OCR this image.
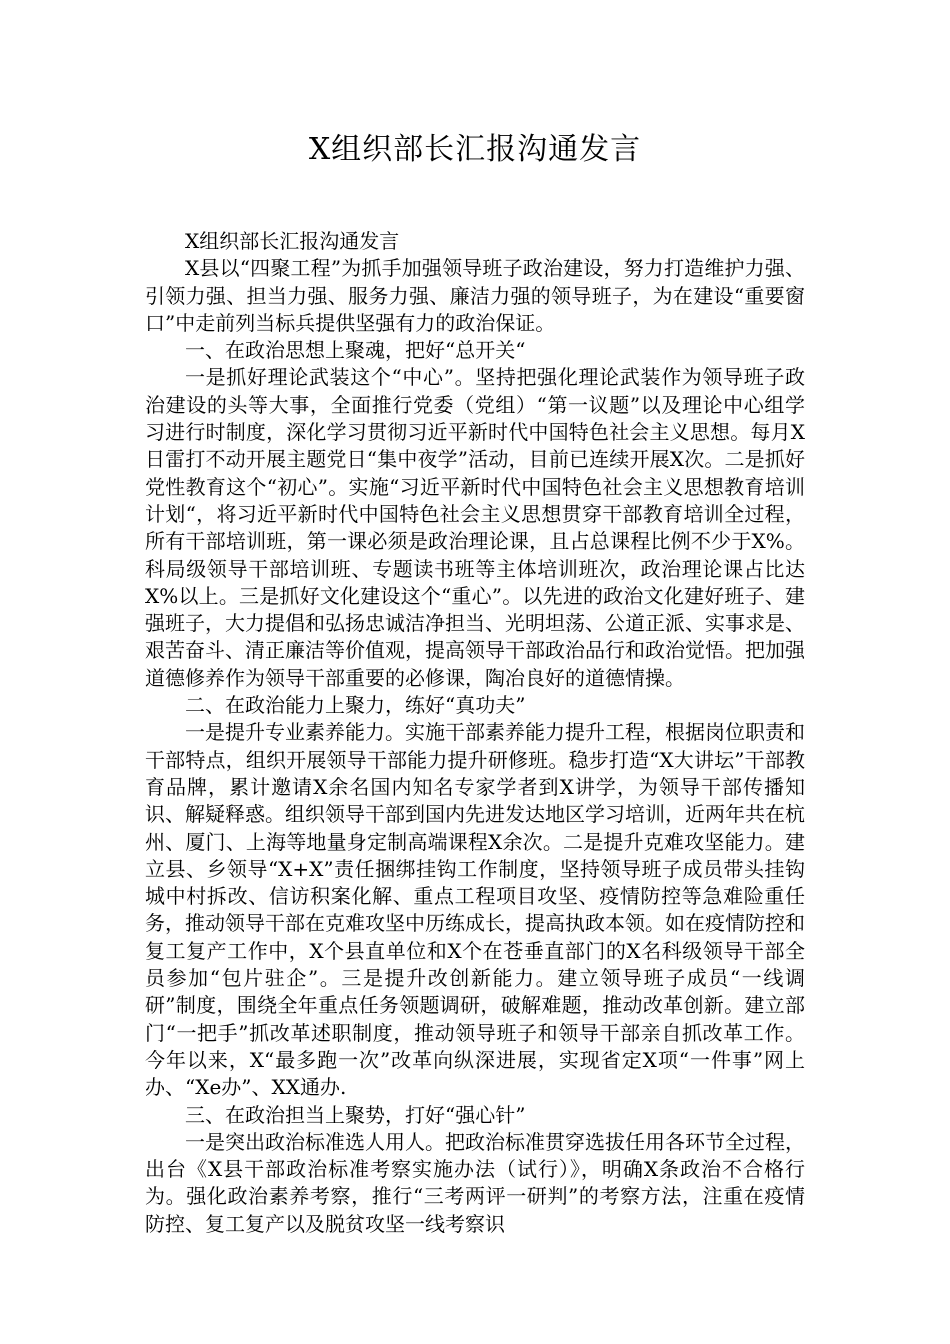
X组织部长汇报沟通发言

X组织部长汇报沟通发言

X县以“四聚工程”为抓手加强领导班子政治建设，努力打造维护力强、引领力强、担当力强、服务力强、廉洁力强的领导班子，为在建设“重要窗口”中走前列当标兵提供坚强有力的政治保证。

一、在政治思想上聚魂，把好“总开关“

一是抓好理论武装这个“中心”。坚持把强化理论武装作为领导班子政治建设的头等大事，全面推行党委（党组）“第一议题”以及理论中心组学习进行时制度，深化学习贯彻习近平新时代中国特色社会主义思想。每月X日雷打不动开展主题党日“集中夜学”活动，目前已连续开展X次。二是抓好党性教育这个“初心”。实施“习近平新时代中国特色社会主义思想教育培训计划“，将习近平新时代中国特色社会主义思想贯穿干部教育培训全过程，所有干部培训班，第一课必须是政治理论课，且占总课程比例不少于X%。科局级领导干部培训班、专题读书班等主体培训班次，政治理论课占比达X%以上。三是抓好文化建设这个“重心”。以先进的政治文化建好班子、建强班子，大力提倡和弘扬忠诚洁净担当、光明坦荡、公道正派、实事求是、艰苦奋斗、清正廉洁等价值观，提高领导干部政治品行和政治觉悟。把加强道德修养作为领导干部重要的必修课，陶冶良好的道德情操。

二、在政治能力上聚力，练好“真功夫”

一是提升专业素养能力。实施干部素养能力提升工程，根据岗位职责和干部特点，组织开展领导干部能力提升研修班。稳步打造“X大讲坛”干部教育品牌，累计邀请X余名国内知名专家学者到X讲学，为领导干部传播知识、解疑释惑。组织领导干部到国内先进发达地区学习培训，近两年共在杭州、厦门、上海等地量身定制高端课程X余次。二是提升克难攻坚能力。建立县、乡领导“X+X”责任捆绑挂钩工作制度，坚持领导班子成员带头挂钩城中村拆改、信访积案化解、重点工程项目攻坚、疫情防控等急难险重任务，推动领导干部在克难攻坚中历练成长，提高执政本领。如在疫情防控和复工复产工作中，X个县直单位和X个在苍垂直部门的X名科级领导干部全员参加“包片驻企”。三是提升改创新能力。建立领导班子成员“一线调研”制度，围绕全年重点任务领题调研，破解难题，推动改革创新。建立部门“一把手”抓改革述职制度，推动领导班子和领导干部亲自抓改革工作。今年以来，X“最多跑一次”改革向纵深进展，实现省定X项“一件事”网上办、“Xe办”、XX通办.

三、在政治担当上聚势，打好“强心针”

一是突出政治标准选人用人。把政治标准贯穿选拔任用各环节全过程，出台《X县干部政治标准考察实施办法（试行）》，明确X条政治不合格行为。强化政治素养考察，推行“三考两评一研判”的考察方法，注重在疫情防控、复工复产以及脱贫攻坚一线考察识
